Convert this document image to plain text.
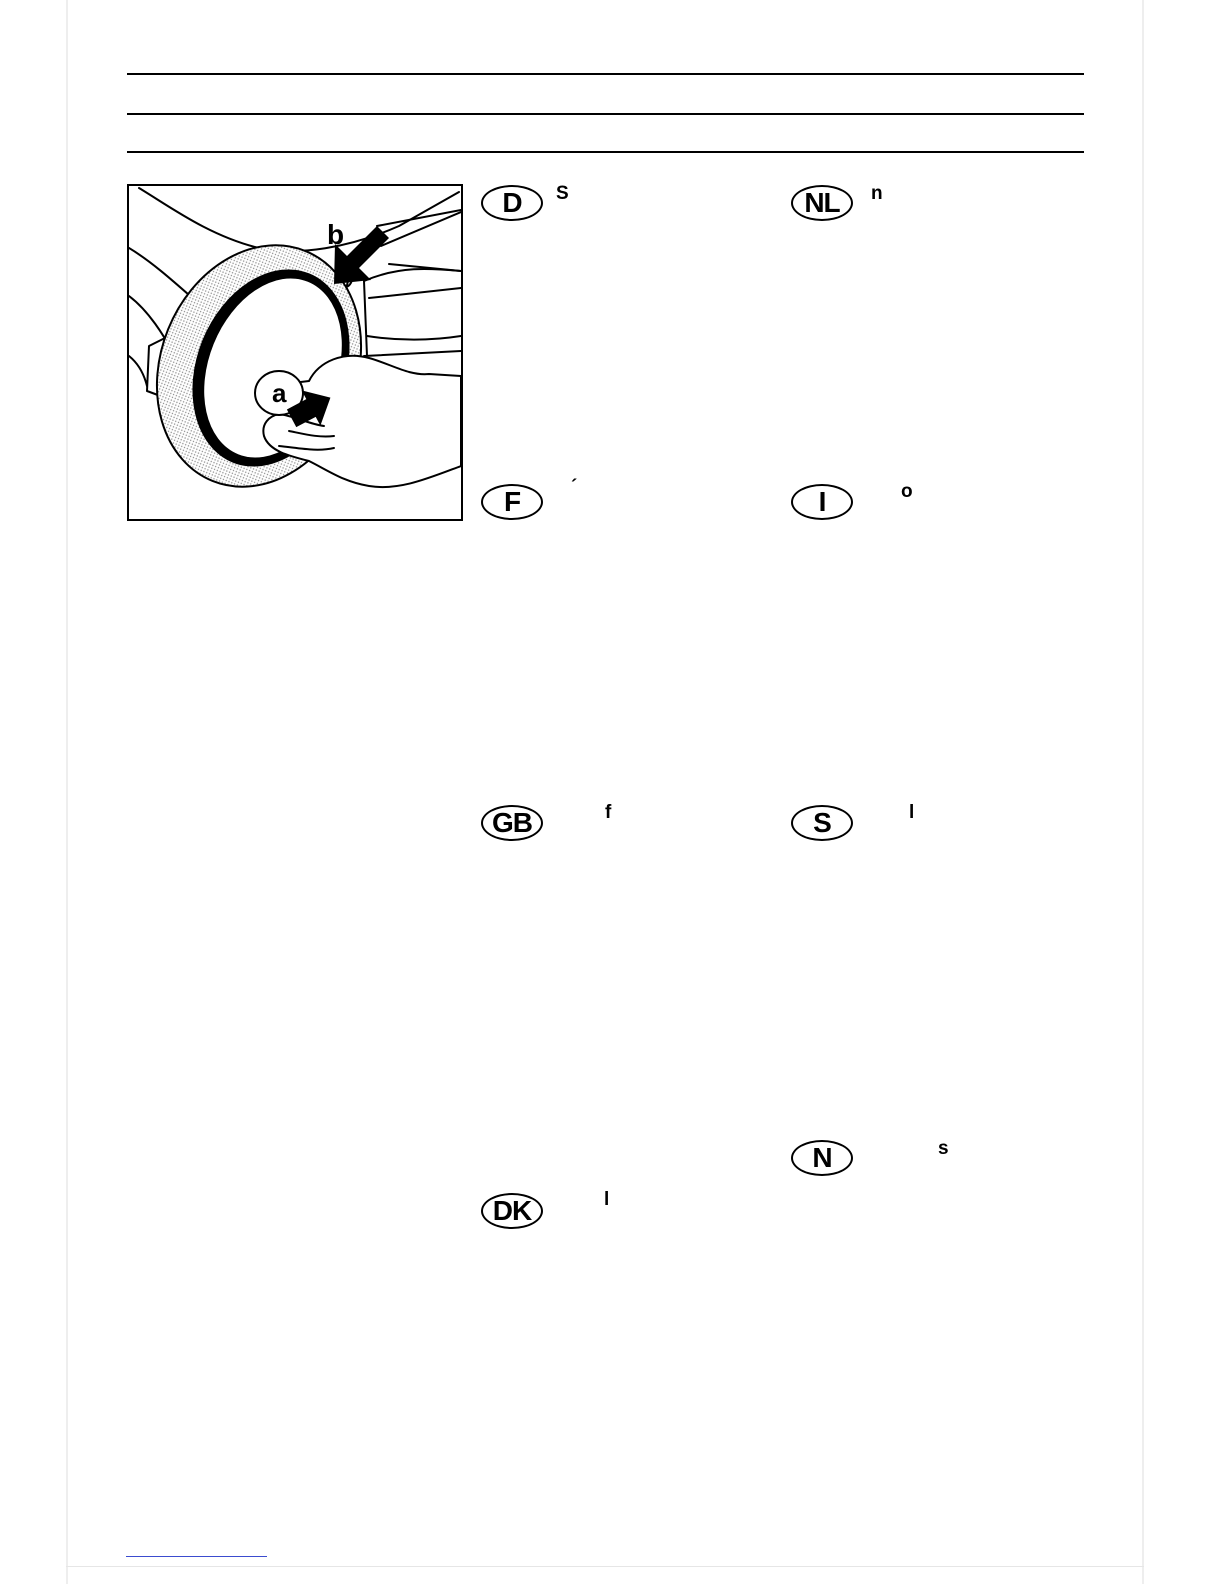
b
a
D	S	NL	n
F	´	I	o
GB	f	S	l
N	s
DK	l
